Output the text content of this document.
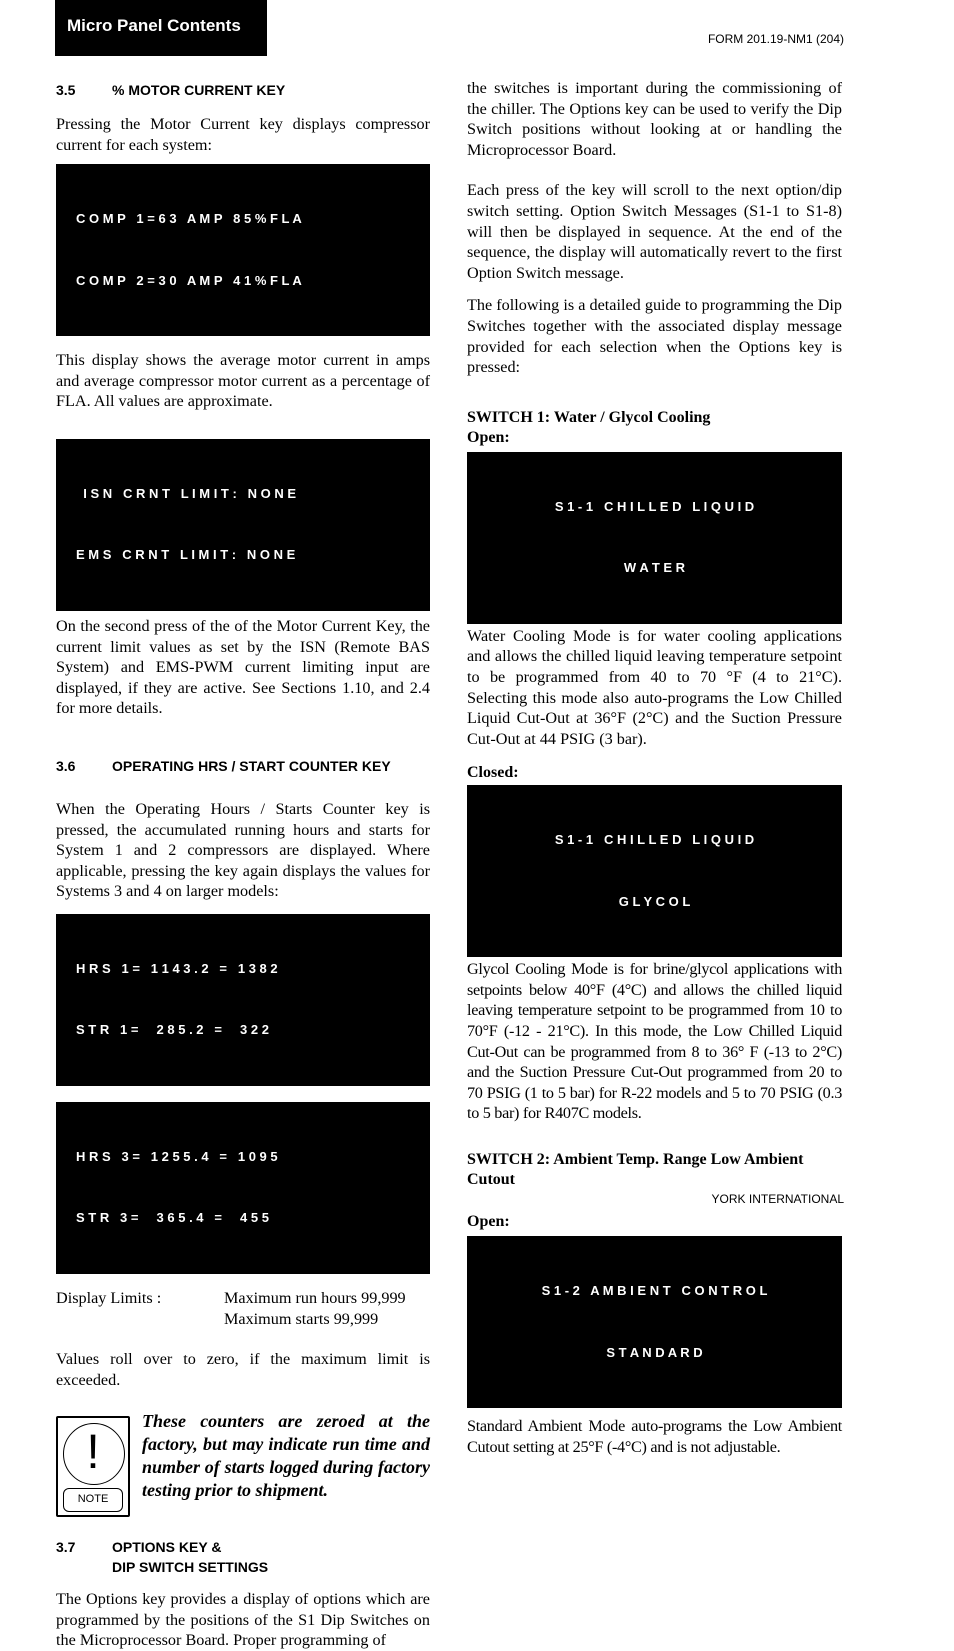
Micro Panel Contents
FORM 201.19-NM1 (204)
3.5	% MOTOR CURRENT KEY

Pressing the Motor Current key displays compressor current for each system:

C O M P   1 = 6 3   A M P   8 5 % F L A

C O M P   2 = 3 0   A M P   4 1 % F L A

This display shows the average motor current in amps and average compressor motor current as a percentage of FLA. All values are approximate.

I S N   C R N T   L I M I T :   N O N E

E M S   C R N T   L I M I T :   N O N E

On the second press of the of the Motor Current Key, the current limit values as set by the ISN (Remote BAS System) and EMS-PWM current limiting input are displayed, if they are active. See Sections 1.10, and 2.4 for more details.

3.6	OPERATING HRS / START COUNTER KEY

When the Operating Hours / Starts Counter key is pressed, the accumulated running hours and starts for System 1 and 2 compressors are displayed. Where applicable, pressing the key again displays the values for Systems 3 and 4 on larger models:

H R S   1 =   1 1 4 3 . 2   =   1 3 8 2

S T R   1 =     2 8 5 . 2   =     3 2 2

H R S   3 =   1 2 5 5 . 4   =   1 0 9 5

S T R   3 =     3 6 5 . 4   =     4 5 5

Display Limits :	Maximum run hours 99,999
Maximum starts 99,999

Values roll over to zero, if the maximum limit is exceeded.

!
NOTE

These counters are zeroed at the factory, but may indicate run time and number of starts logged during factory testing prior to shipment.

3.7	OPTIONS KEY &
DIP SWITCH SETTINGS

The Options key provides a display of options which are programmed by the positions of the S1 Dip Switches on the Microprocessor Board. Proper programming of

the switches is important during the commissioning of the chiller. The Options key can be used to verify the Dip Switch positions without looking at or handling the Microprocessor Board.

Each press of the key will scroll to the next option/dip switch setting. Option Switch Messages (S1-1 to S1-8) will then be displayed in sequence. At the end of the sequence, the display will automatically revert to the first Option Switch message.

The following is a detailed guide to programming the Dip Switches together with the associated display message provided for each selection when the Options key is pressed:

SWITCH 1: Water / Glycol Cooling

Open:

S 1 - 1   C H I L L E D   L I Q U I D

W A T E R

Water Cooling Mode is for water cooling applications and allows the chilled liquid leaving temperature setpoint to be programmed from 40 to 70 °F (4 to 21°C). Selecting this mode also auto-programs the Low Chilled Liquid Cut-Out at 36°F (2°C) and the Suction Pressure Cut-Out at 44 PSIG (3 bar).

Closed:

S 1 - 1   C H I L L E D   L I Q U I D

G L Y C O L

Glycol Cooling Mode is for brine/glycol applications with setpoints below 40°F (4°C) and allows the chilled liquid leaving temperature setpoint to be programmed from 10 to 70°F (-12 - 21°C). In this mode, the Low Chilled Liquid Cut-Out can be programmed from 8 to 36° F (-13 to 2°C) and the Suction Pressure Cut-Out programmed from 20 to 70 PSIG (1 to 5 bar) for R-22 models and 5 to 70 PSIG (0.3 to 5 bar) for R407C models.

SWITCH 2: Ambient Temp. Range Low Ambient Cutout

Open:

S 1 - 2   A M B I E N T   C O N T R O L

S T A N D A R D

Standard Ambient Mode auto-programs the Low Ambient Cutout setting at 25°F (-4°C) and is not adjustable.

146	YORK INTERNATIONAL
